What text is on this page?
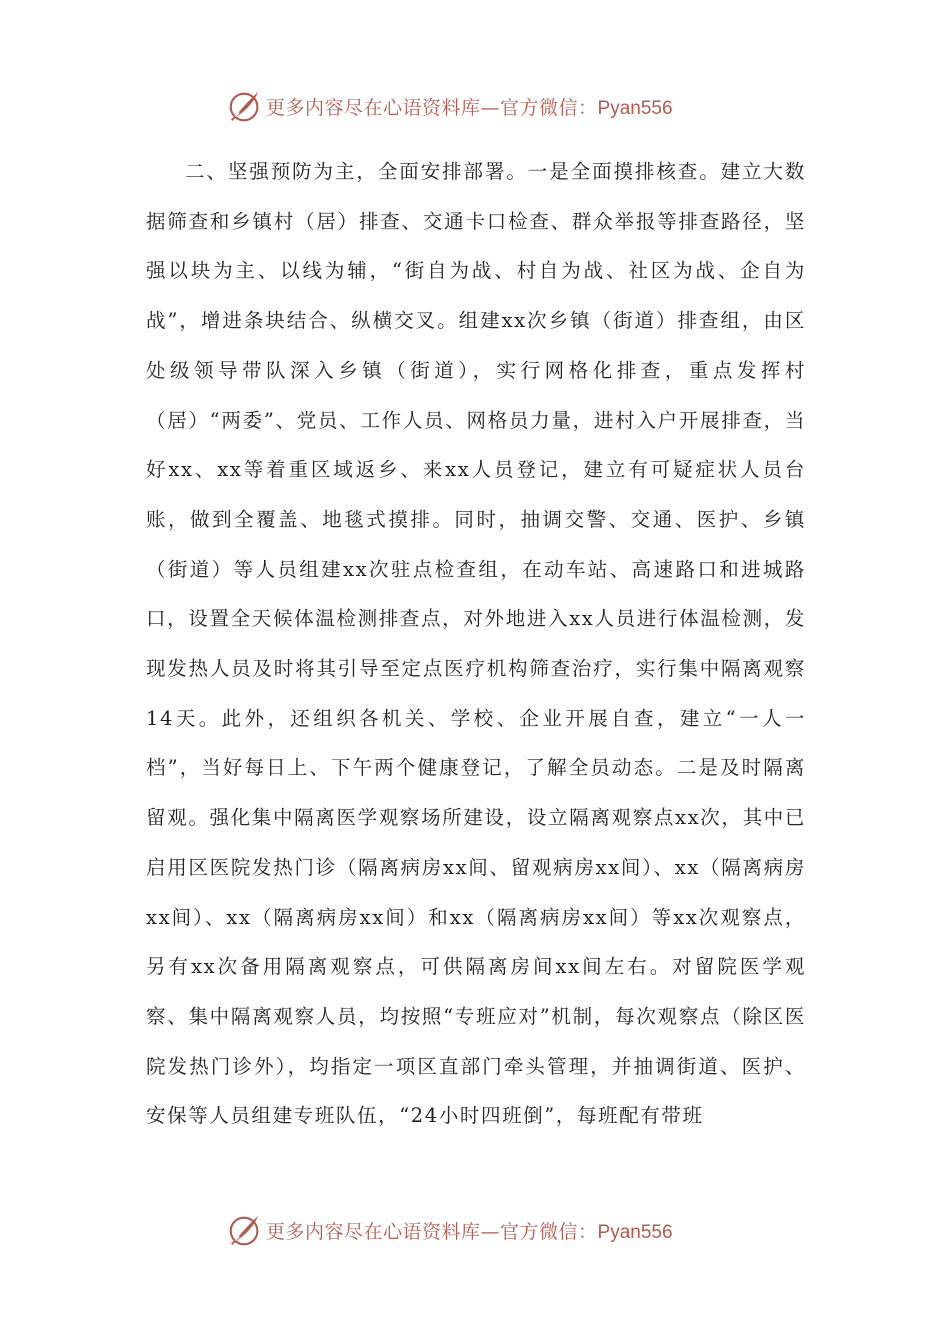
更多内容尽在心语资料库—官方微信：Pyan556

二、坚强预防为主，全面安排部署。一是全面摸排核查。建立大数据筛查和乡镇村（居）排查、交通卡口检查、群众举报等排查路径，坚强以块为主、以线为辅，“街自为战、村自为战、社区为战、企自为战”，增进条块结合、纵横交叉。组建xx次乡镇（街道）排查组，由区处级领导带队深入乡镇（街道），实行网格化排查，重点发挥村（居）“两委”、党员、工作人员、网格员力量，进村入户开展排查，当好xx、xx等着重区域返乡、来xx人员登记，建立有可疑症状人员台账，做到全覆盖、地毯式摸排。同时，抽调交警、交通、医护、乡镇（街道）等人员组建xx次驻点检查组，在动车站、高速路口和进城路口，设置全天候体温检测排查点，对外地进入xx人员进行体温检测，发现发热人员及时将其引导至定点医疗机构筛查治疗，实行集中隔离观察14天。此外，还组织各机关、学校、企业开展自查，建立“一人一档”，当好每日上、下午两个健康登记，了解全员动态。二是及时隔离留观。强化集中隔离医学观察场所建设，设立隔离观察点xx次，其中已启用区医院发热门诊（隔离病房xx间、留观病房xx间）、xx（隔离病房xx间）、xx（隔离病房xx间）和xx（隔离病房xx间）等xx次观察点，另有xx次备用隔离观察点，可供隔离房间xx间左右。对留院医学观察、集中隔离观察人员，均按照“专班应对”机制，每次观察点（除区医院发热门诊外），均指定一项区直部门牵头管理，并抽调街道、医护、安保等人员组建专班队伍，“24小时四班倒”，每班配有带班

更多内容尽在心语资料库—官方微信：Pyan556
